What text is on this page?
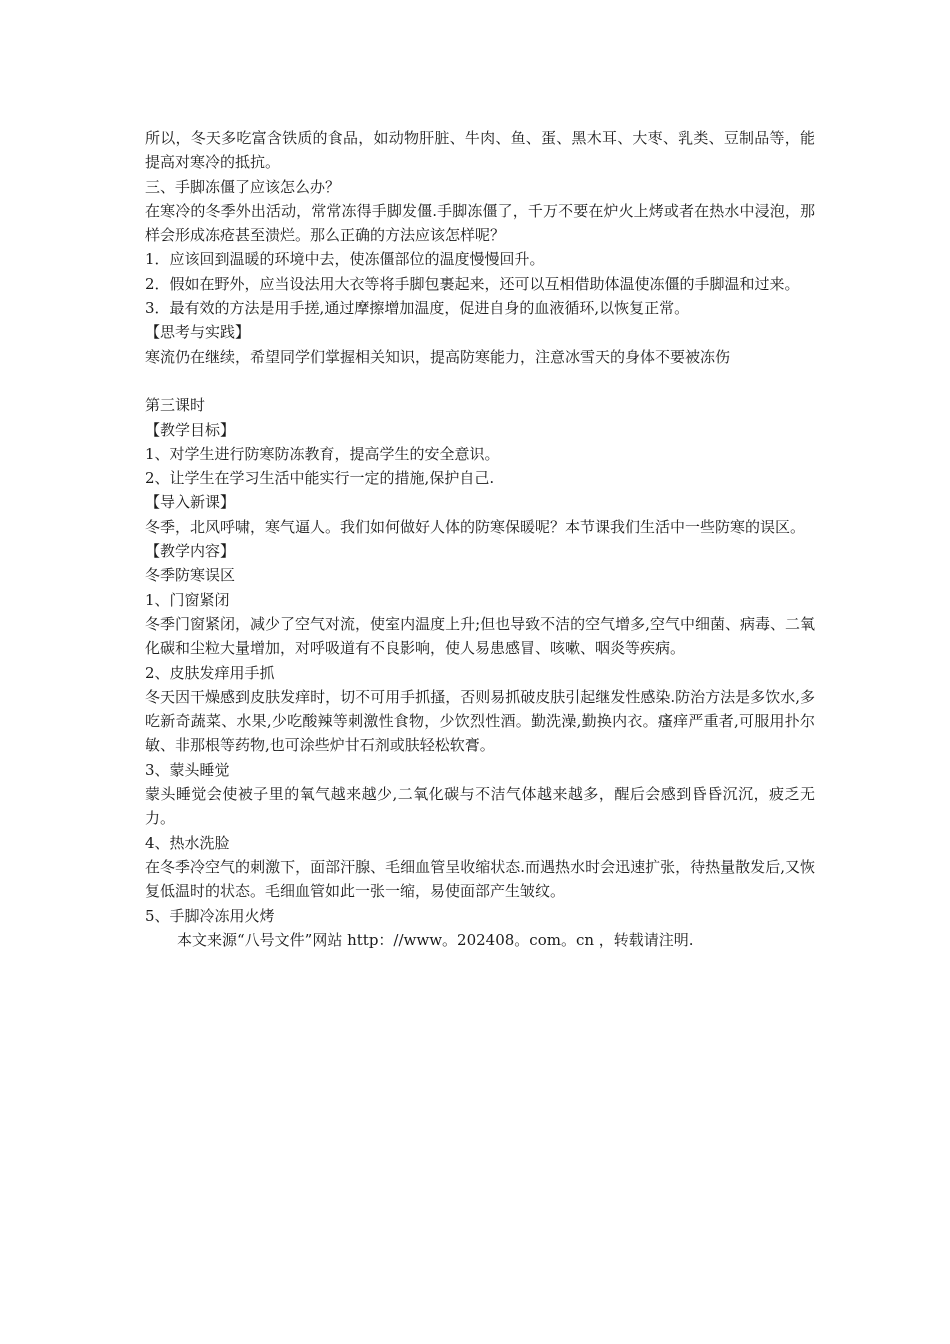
所以，冬天多吃富含铁质的食品，如动物肝脏、牛肉、鱼、蛋、黑木耳、大枣、乳类、豆制品等，能提高对寒冷的抵抗。

三、手脚冻僵了应该怎么办？

在寒冷的冬季外出活动，常常冻得手脚发僵.手脚冻僵了，千万不要在炉火上烤或者在热水中浸泡，那样会形成冻疮甚至溃烂。那么正确的方法应该怎样呢？

1．应该回到温暖的环境中去，使冻僵部位的温度慢慢回升。

2．假如在野外，应当设法用大衣等将手脚包裹起来，还可以互相借助体温使冻僵的手脚温和过来。

3．最有效的方法是用手搓,通过摩擦增加温度，促进自身的血液循环,以恢复正常。

【思考与实践】

寒流仍在继续，希望同学们掌握相关知识，提高防寒能力，注意冰雪天的身体不要被冻伤

第三课时

【教学目标】

1、对学生进行防寒防冻教育，提高学生的安全意识。

2、让学生在学习生活中能实行一定的措施,保护自己.

【导入新课】

冬季，北风呼啸，寒气逼人。我们如何做好人体的防寒保暖呢？本节课我们生活中一些防寒的误区。

【教学内容】

冬季防寒误区

1、门窗紧闭

冬季门窗紧闭，减少了空气对流，使室内温度上升;但也导致不洁的空气增多,空气中细菌、病毒、二氧化碳和尘粒大量增加，对呼吸道有不良影响，使人易患感冒、咳嗽、咽炎等疾病。

2、皮肤发痒用手抓

冬天因干燥感到皮肤发痒时，切不可用手抓搔，否则易抓破皮肤引起继发性感染.防治方法是多饮水,多吃新奇蔬菜、水果,少吃酸辣等刺激性食物，少饮烈性酒。勤洗澡,勤换内衣。瘙痒严重者,可服用扑尔敏、非那根等药物,也可涂些炉甘石剂或肤轻松软膏。

3、蒙头睡觉

蒙头睡觉会使被子里的氧气越来越少,二氧化碳与不洁气体越来越多，醒后会感到昏昏沉沉，疲乏无力。

4、热水洗脸

在冬季冷空气的刺激下，面部汗腺、毛细血管呈收缩状态.而遇热水时会迅速扩张，待热量散发后,又恢复低温时的状态。毛细血管如此一张一缩，易使面部产生皱纹。

5、手脚冷冻用火烤

本文来源“八号文件”网站 http：//www。202408。com。cn ，转载请注明.
